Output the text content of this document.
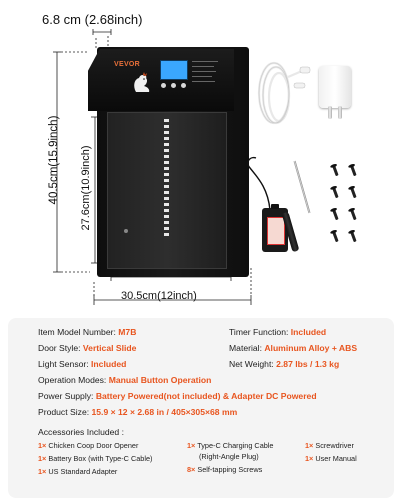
6.8 cm (2.68inch)
40.5cm(15.9inch) 27.6cm(10.9inch)
30.5cm(12inch)
VEVOR
Item Model Number: M7B	Timer Function: Included
Door Style: Vertical Slide	Material: Aluminum Alloy + ABS
Light Sensor: Included	Net Weight: 2.87 lbs / 1.3 kg
Operation Modes: Manual Button Operation
Power Supply: Battery Powered(not included) & Adapter DC Powered
Product Size: 15.9 × 12 × 2.68 in / 405×305×68 mm
Accessories Included :
1× Chicken Coop Door Opener
1× Battery Box (with Type-C Cable)
1× US Standard Adapter
1× Type-C Charging Cable
(Right-Angle Plug)
8× Self-tapping Screws
1× Screwdriver
1× User Manual
